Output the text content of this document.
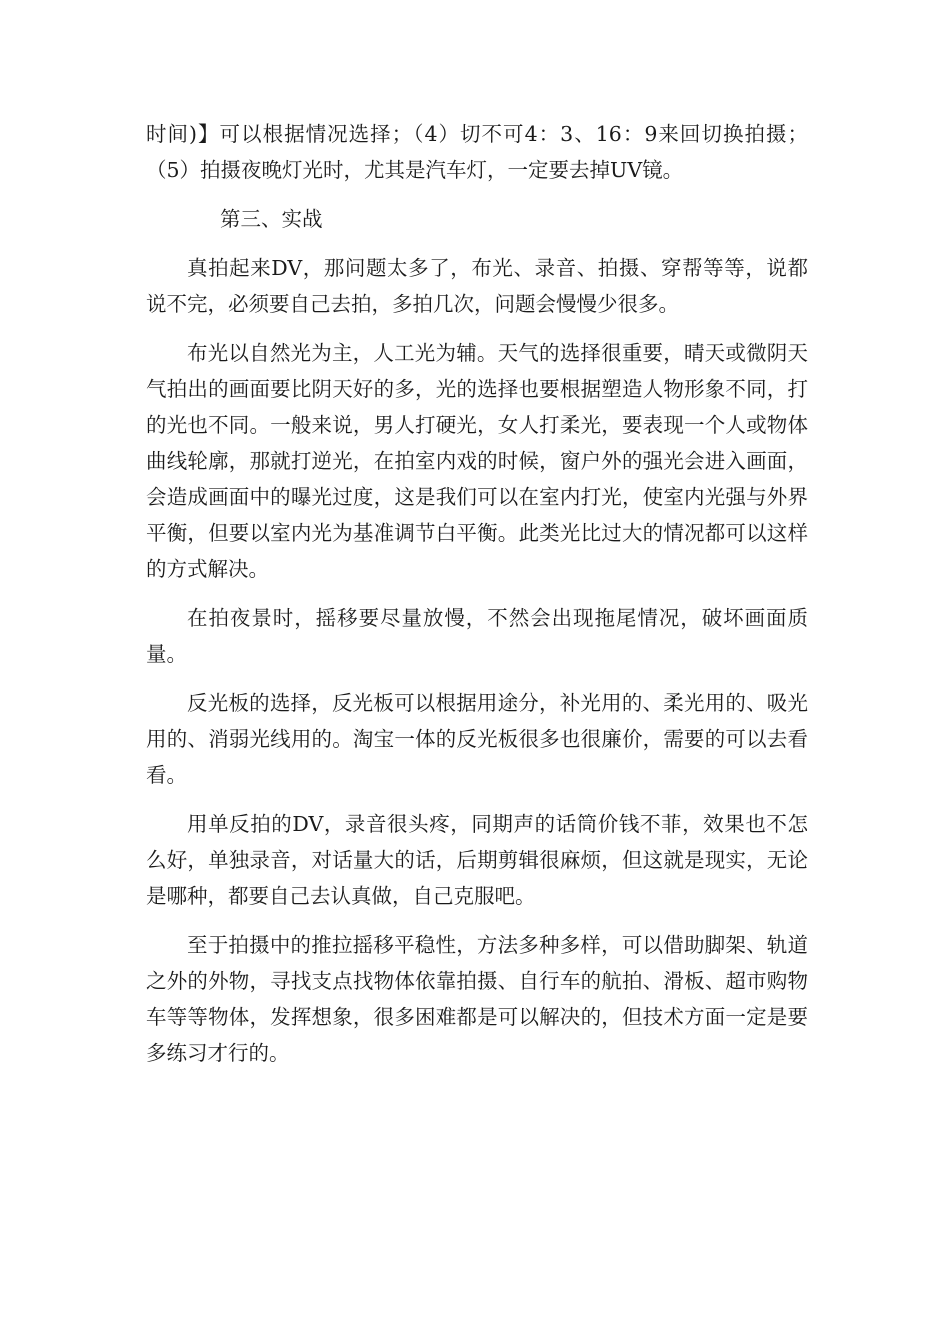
时间)】可以根据情况选择；（4）切不可4：3、16：9来回切换拍摄；（5）拍摄夜晚灯光时，尤其是汽车灯，一定要去掉UV镜。

第三、实战

真拍起来DV，那问题太多了，布光、录音、拍摄、穿帮等等，说都说不完，必须要自己去拍，多拍几次，问题会慢慢少很多。

布光以自然光为主，人工光为辅。天气的选择很重要，晴天或微阴天气拍出的画面要比阴天好的多，光的选择也要根据塑造人物形象不同，打的光也不同。一般来说，男人打硬光，女人打柔光，要表现一个人或物体曲线轮廓，那就打逆光，在拍室内戏的时候，窗户外的强光会进入画面，会造成画面中的曝光过度，这是我们可以在室内打光，使室内光强与外界平衡，但要以室内光为基准调节白平衡。此类光比过大的情况都可以这样的方式解决。

在拍夜景时，摇移要尽量放慢，不然会出现拖尾情况，破坏画面质量。

反光板的选择，反光板可以根据用途分，补光用的、柔光用的、吸光用的、消弱光线用的。淘宝一体的反光板很多也很廉价，需要的可以去看看。

用单反拍的DV，录音很头疼，同期声的话筒价钱不菲，效果也不怎么好，单独录音，对话量大的话，后期剪辑很麻烦，但这就是现实，无论是哪种，都要自己去认真做，自己克服吧。

至于拍摄中的推拉摇移平稳性，方法多种多样，可以借助脚架、轨道之外的外物，寻找支点找物体依靠拍摄、自行车的航拍、滑板、超市购物车等等物体，发挥想象，很多困难都是可以解决的，但技术方面一定是要多练习才行的。
